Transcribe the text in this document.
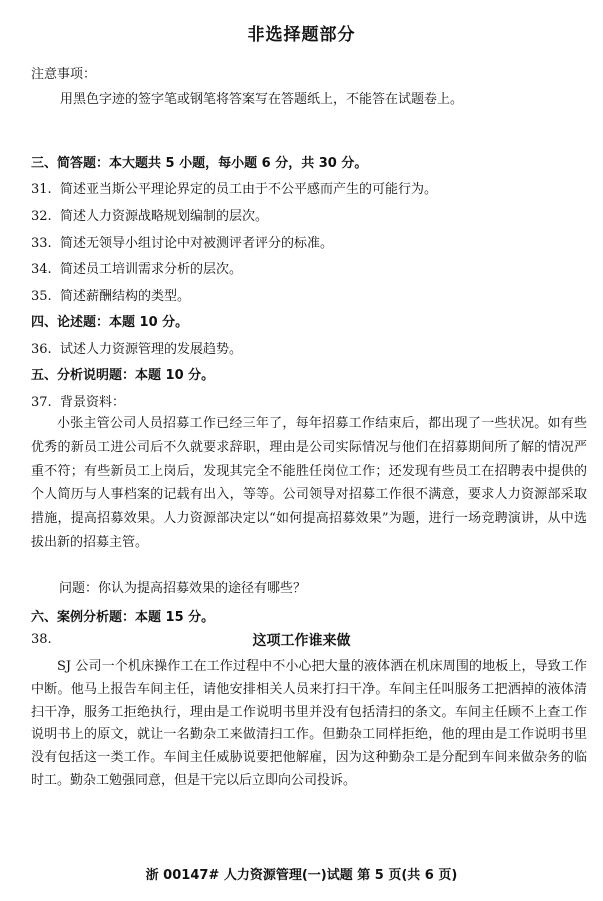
非选择题部分
注意事项：
用黑色字迹的签字笔或钢笔将答案写在答题纸上，不能答在试题卷上。
三、简答题：本大题共 5 小题，每小题 6 分，共 30 分。
31. 简述亚当斯公平理论界定的员工由于不公平感而产生的可能行为。
32. 简述人力资源战略规划编制的层次。
33. 简述无领导小组讨论中对被测评者评分的标准。
34. 简述员工培训需求分析的层次。
35. 简述薪酬结构的类型。
四、论述题：本题 10 分。
36. 试述人力资源管理的发展趋势。
五、分析说明题：本题 10 分。
37. 背景资料：
小张主管公司人员招募工作已经三年了，每年招募工作结束后，都出现了一些状况。如有些优秀的新员工进公司后不久就要求辞职，理由是公司实际情况与他们在招募期间所了解的情况严重不符；有些新员工上岗后，发现其完全不能胜任岗位工作；还发现有些员工在招聘表中提供的个人简历与人事档案的记载有出入，等等。公司领导对招募工作很不满意，要求人力资源部采取措施，提高招募效果。人力资源部决定以“如何提高招募效果”为题，进行一场竞聘演讲，从中选拔出新的招募主管。
问题：你认为提高招募效果的途径有哪些？
六、案例分析题：本题 15 分。
38.	这项工作谁来做
SJ 公司一个机床操作工在工作过程中不小心把大量的液体洒在机床周围的地板上，导致工作中断。他马上报告车间主任，请他安排相关人员来打扫干净。车间主任叫服务工把洒掉的液体清扫干净，服务工拒绝执行，理由是工作说明书里并没有包括清扫的条文。车间主任顾不上查工作说明书上的原文，就让一名勤杂工来做清扫工作。但勤杂工同样拒绝，他的理由是工作说明书里没有包括这一类工作。车间主任威胁说要把他解雇，因为这种勤杂工是分配到车间来做杂务的临时工。勤杂工勉强同意，但是干完以后立即向公司投诉。
浙 00147# 人力资源管理(一)试题 第 5 页(共 6 页)
